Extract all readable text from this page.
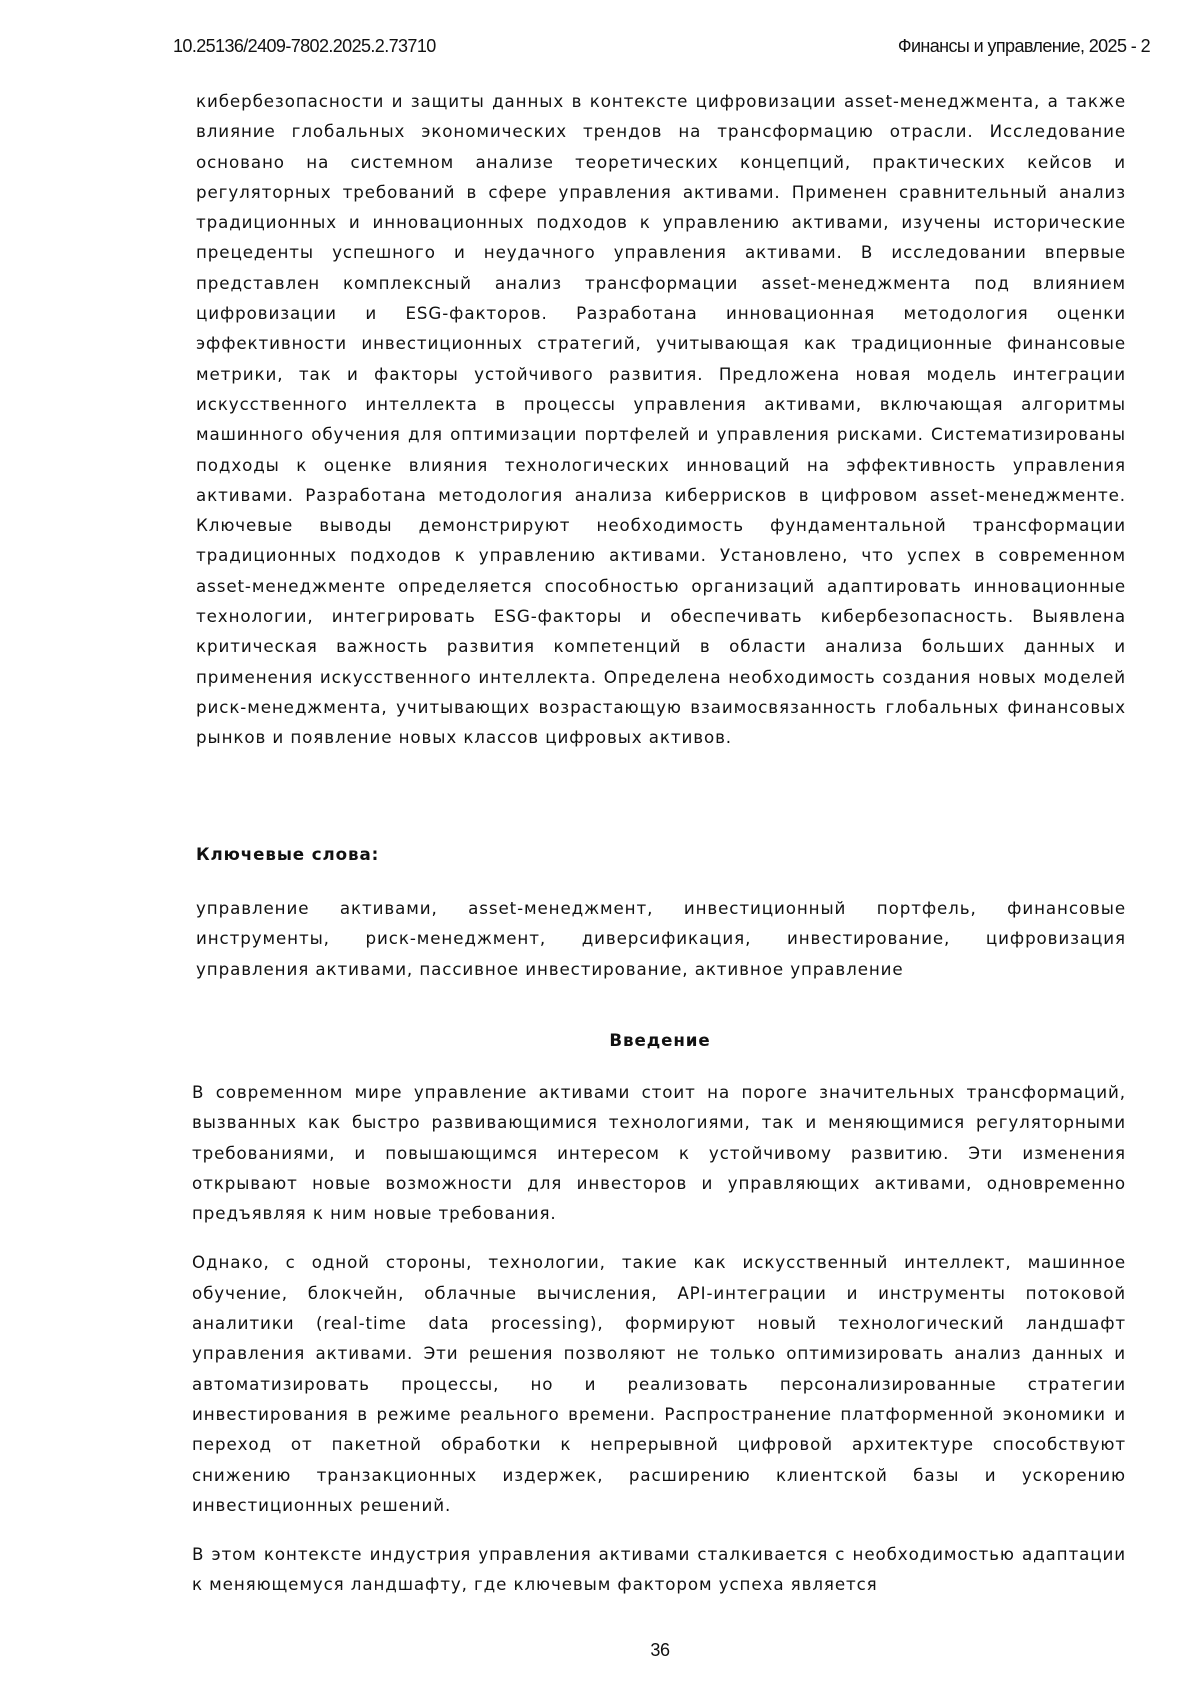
10.25136/2409-7802.2025.2.73710	Финансы и управление, 2025 - 2

кибербезопасности и защиты данных в контексте цифровизации asset-менеджмента, а также влияние глобальных экономических трендов на трансформацию отрасли. Исследование основано на системном анализе теоретических концепций, практических кейсов и регуляторных требований в сфере управления активами. Применен сравнительный анализ традиционных и инновационных подходов к управлению активами, изучены исторические прецеденты успешного и неудачного управления активами. В исследовании впервые представлен комплексный анализ трансформации asset-менеджмента под влиянием цифровизации и ESG-факторов. Разработана инновационная методология оценки эффективности инвестиционных стратегий, учитывающая как традиционные финансовые метрики, так и факторы устойчивого развития. Предложена новая модель интеграции искусственного интеллекта в процессы управления активами, включающая алгоритмы машинного обучения для оптимизации портфелей и управления рисками. Систематизированы подходы к оценке влияния технологических инноваций на эффективность управления активами. Разработана методология анализа киберрисков в цифровом asset-менеджменте. Ключевые выводы демонстрируют необходимость фундаментальной трансформации традиционных подходов к управлению активами. Установлено, что успех в современном asset-менеджменте определяется способностью организаций адаптировать инновационные технологии, интегрировать ESG-факторы и обеспечивать кибербезопасность. Выявлена критическая важность развития компетенций в области анализа больших данных и применения искусственного интеллекта. Определена необходимость создания новых моделей риск-менеджмента, учитывающих возрастающую взаимосвязанность глобальных финансовых рынков и появление новых классов цифровых активов.

Ключевые слова:

управление активами, asset-менеджмент, инвестиционный портфель, финансовые инструменты, риск-менеджмент, диверсификация, инвестирование, цифровизация управления активами, пассивное инвестирование, активное управление

Введение

В современном мире управление активами стоит на пороге значительных трансформаций, вызванных как быстро развивающимися технологиями, так и меняющимися регуляторными требованиями, и повышающимся интересом к устойчивому развитию. Эти изменения открывают новые возможности для инвесторов и управляющих активами, одновременно предъявляя к ним новые требования.

Однако, с одной стороны, технологии, такие как искусственный интеллект, машинное обучение, блокчейн, облачные вычисления, API-интеграции и инструменты потоковой аналитики (real-time data processing), формируют новый технологический ландшафт управления активами. Эти решения позволяют не только оптимизировать анализ данных и автоматизировать процессы, но и реализовать персонализированные стратегии инвестирования в режиме реального времени. Распространение платформенной экономики и переход от пакетной обработки к непрерывной цифровой архитектуре способствуют снижению транзакционных издержек, расширению клиентской базы и ускорению инвестиционных решений.

В этом контексте индустрия управления активами сталкивается с необходимостью адаптации к меняющемуся ландшафту, где ключевым фактором успеха является

36
